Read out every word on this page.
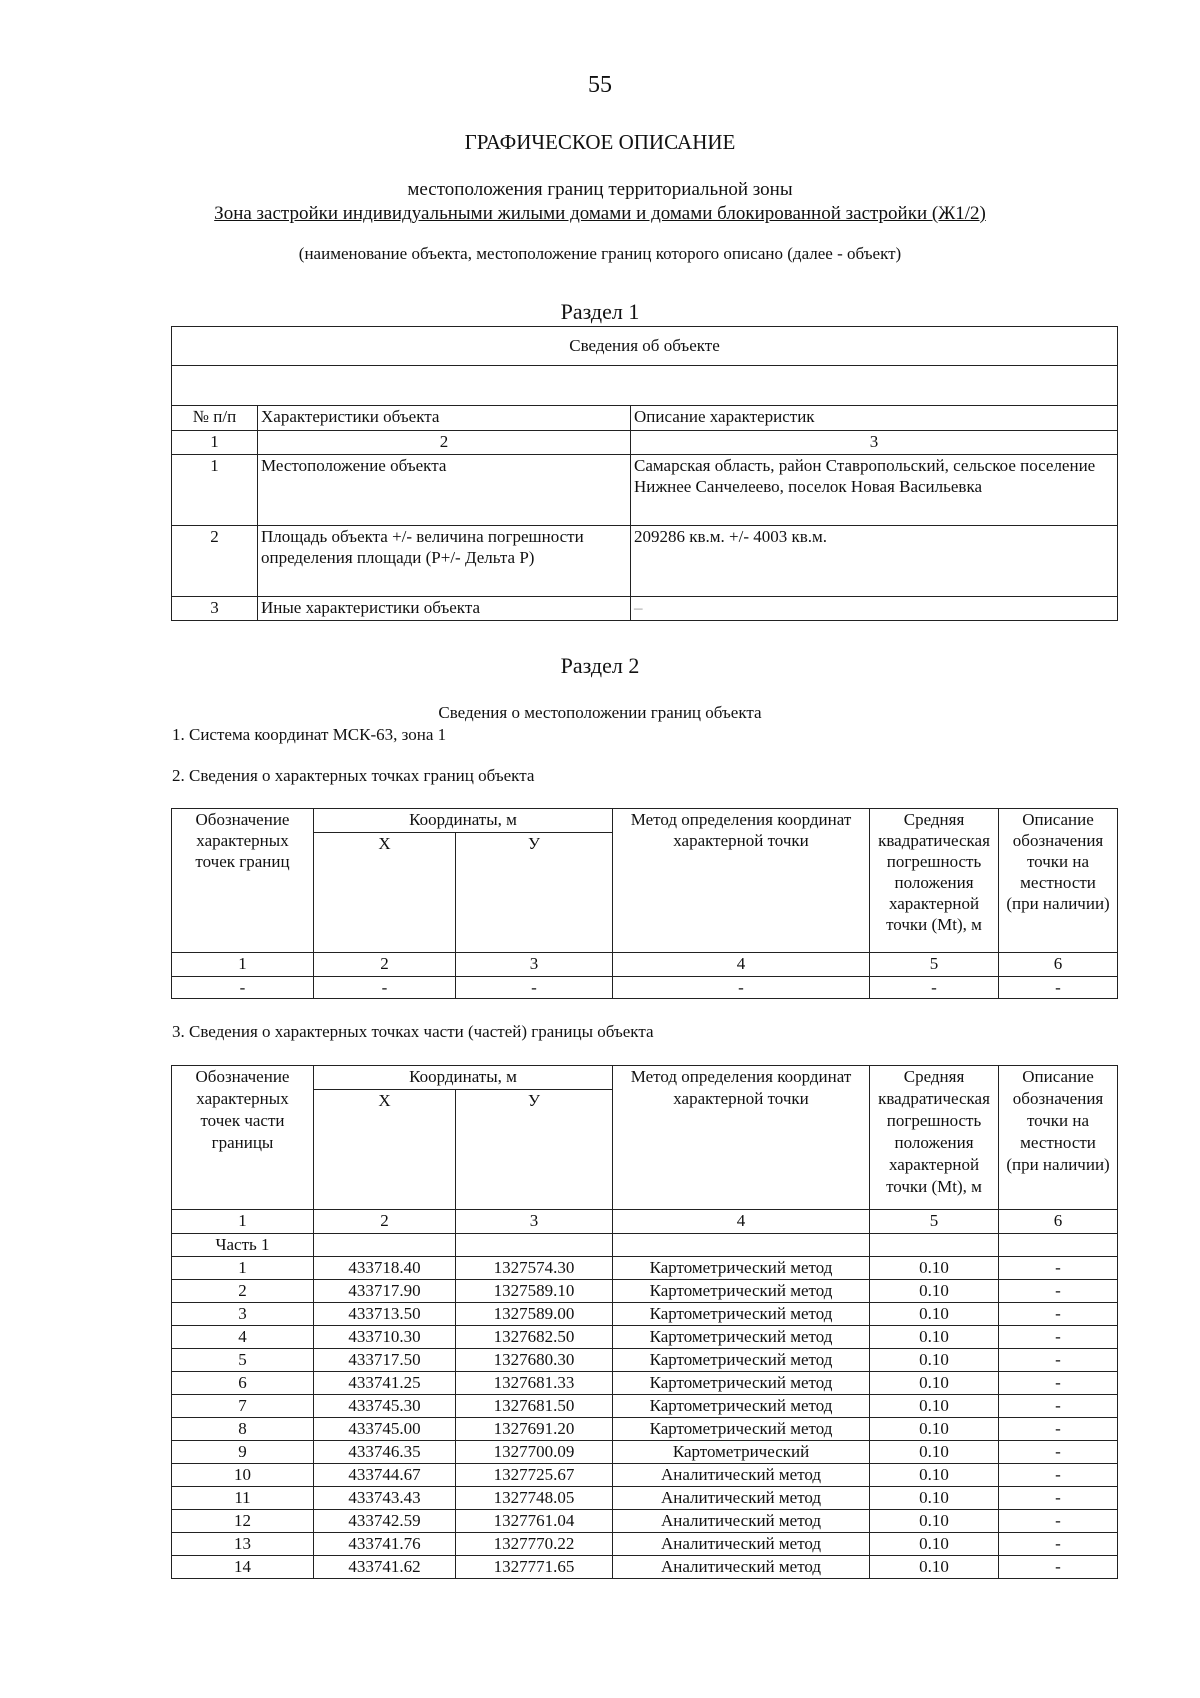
55
ГРАФИЧЕСКОЕ ОПИСАНИЕ
местоположения границ территориальной зоны
Зона застройки индивидуальными жилыми домами и домами блокированной застройки (Ж1/2)
(наименование объекта, местоположение границ которого описано (далее - объект)
Раздел 1
Сведения об объекте		

№ п/п	Характеристики объекта	Описание характеристик
1	2	3
1	Местоположение объекта	Самарская область, район Ставропольский, сельское поселение Нижнее Санчелеево, поселок Новая Васильевка
2	Площадь объекта +/- величина погрешности определения площади (P+/- Дельта P)	209286 кв.м. +/- 4003 кв.м.
3	Иные характеристики объекта	–
Раздел 2
Сведения о местоположении границ объекта
1. Система координат МСК-63, зона 1
2. Сведения о характерных точках границ объекта
Обозначение характерных точек границ	Координаты, м		Метод определения координат характерной точки	Средняя квадратическая погрешность положения характерной точки (Mt), м	Описание обозначения точки на местности (при наличии)
	X	У			
1	2	3	4	5	6
-	-	-	-	-	-
3. Сведения о характерных точках части (частей) границы объекта
Обозначение характерных точек части границы	Координаты, м		Метод определения координат характерной точки	Средняя квадратическая погрешность положения характерной точки (Mt), м	Описание обозначения точки на местности (при наличии)
	X	У			
1	2	3	4	5	6
Часть 1					
1	433718.40	1327574.30	Картометрический метод	0.10	-
2	433717.90	1327589.10	Картометрический метод	0.10	-
3	433713.50	1327589.00	Картометрический метод	0.10	-
4	433710.30	1327682.50	Картометрический метод	0.10	-
5	433717.50	1327680.30	Картометрический метод	0.10	-
6	433741.25	1327681.33	Картометрический метод	0.10	-
7	433745.30	1327681.50	Картометрический метод	0.10	-
8	433745.00	1327691.20	Картометрический метод	0.10	-
9	433746.35	1327700.09	Картометрический	0.10	-
10	433744.67	1327725.67	Аналитический метод	0.10	-
11	433743.43	1327748.05	Аналитический метод	0.10	-
12	433742.59	1327761.04	Аналитический метод	0.10	-
13	433741.76	1327770.22	Аналитический метод	0.10	-
14	433741.62	1327771.65	Аналитический метод	0.10	-
